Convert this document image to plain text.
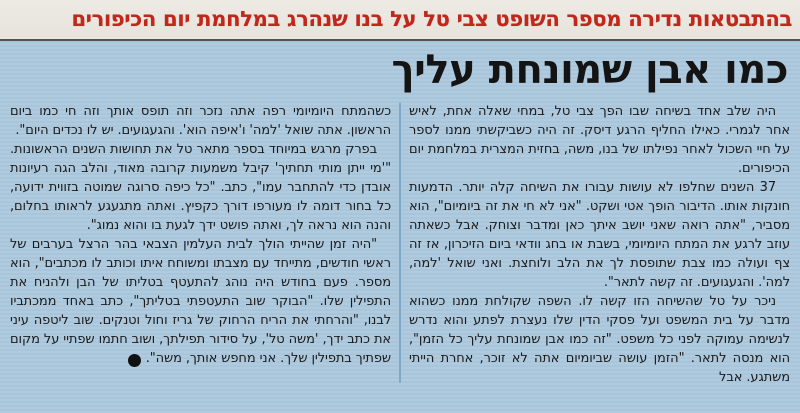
בהתבטאות נדירה מספר השופט צבי טל על בנו שנהרג במלחמת יום הכיפורים
כמו אבן שמונחת עליך

היה שלב אחד בשיחה שבו הפך צבי טל, במחי שאלה אחת, לאיש אחר לגמרי. כאילו החליף הרגע דיסק. זה היה כשביקשתי ממנו לספר על חיי השכול לאחר נפילתו של בנו, משה, בחזית המצרית במלחמת יום הכיפורים.

37 השנים שחלפו לא עושות עבורו את השיחה קלה יותר. הדמעות חונקות אותו. הדיבור הופך אטי ושקט. "אני לא חי את זה ביומיום", הוא מסביר, "אתה רואה שאני יושב איתך כאן ומדבר וצוחק. אבל כשאתה עוזב לרגע את המתח היומיומי, בשבת או בחג וודאי ביום הזיכרון, אז זה צף ועולה כמו צבת שתופסת לך את הלב ולוחצת. ואני שואל 'למה, למה'. והגעגועים. זה קשה לתאר".

ניכר על טל שהשיחה הזו קשה לו. השפה שקולחת ממנו כשהוא מדבר על בית המשפט ועל פסקי הדין שלו נעצרת לפתע והוא נדרש לנשימה עמוקה לפני כל משפט. "זה כמו אבן שמונחת עליך כל הזמן", הוא מנסה לתאר. "הזמן עושה שביומיום אתה לא זוכר, אחרת הייתי משתגע. אבל

כשהמתח היומיומי רפה אתה נזכר וזה תופס אותך וזה חי כמו ביום הראשון. אתה שואל 'למה' ו'איפה הוא'. והגעגועים. יש לו נכדים היום".

בפרק מרגש במיוחד בספר מתאר טל את תחושות השנים הראשונות. "'מי ייתן מותי תחתיך' קיבל משמעות קרובה מאוד, והלב הגה רעיונות אובדן כדי להתחבר עמו", כתב. "כל כיפה סרוגה שמוטה בזווית ידועה, כל בחור דומה לו מעורפו דורך כקפיץ. ואתה מתגעגע לראותו בחלום, והנה הוא נראה לך, ואתה פושט ידך לגעת בו והוא נמוג".

"היה זמן שהייתי הולך לבית העלמין הצבאי בהר הרצל בערבים של ראשי חודשים, מתייחד עם מצבתו ומשוחח איתו וכותב לו מכתבים", הוא מספר. פעם בחודש היה נוהג להתעטף בטליתו של הבן ולהניח את התפילין שלו. "הבוקר שוב התעטפתי בטליתך", כתב באחד ממכתביו לבנו, "והרחתי את הריח הרחוק של גריז וחול וטנקים. שוב ליטפה עיני את כתב ידך, 'משה טל', על סידור תפילתך, ושוב חתמו שפתיי על מקום שפתיך בתפילין שלך. אני מחפש אותך, משה".✕
